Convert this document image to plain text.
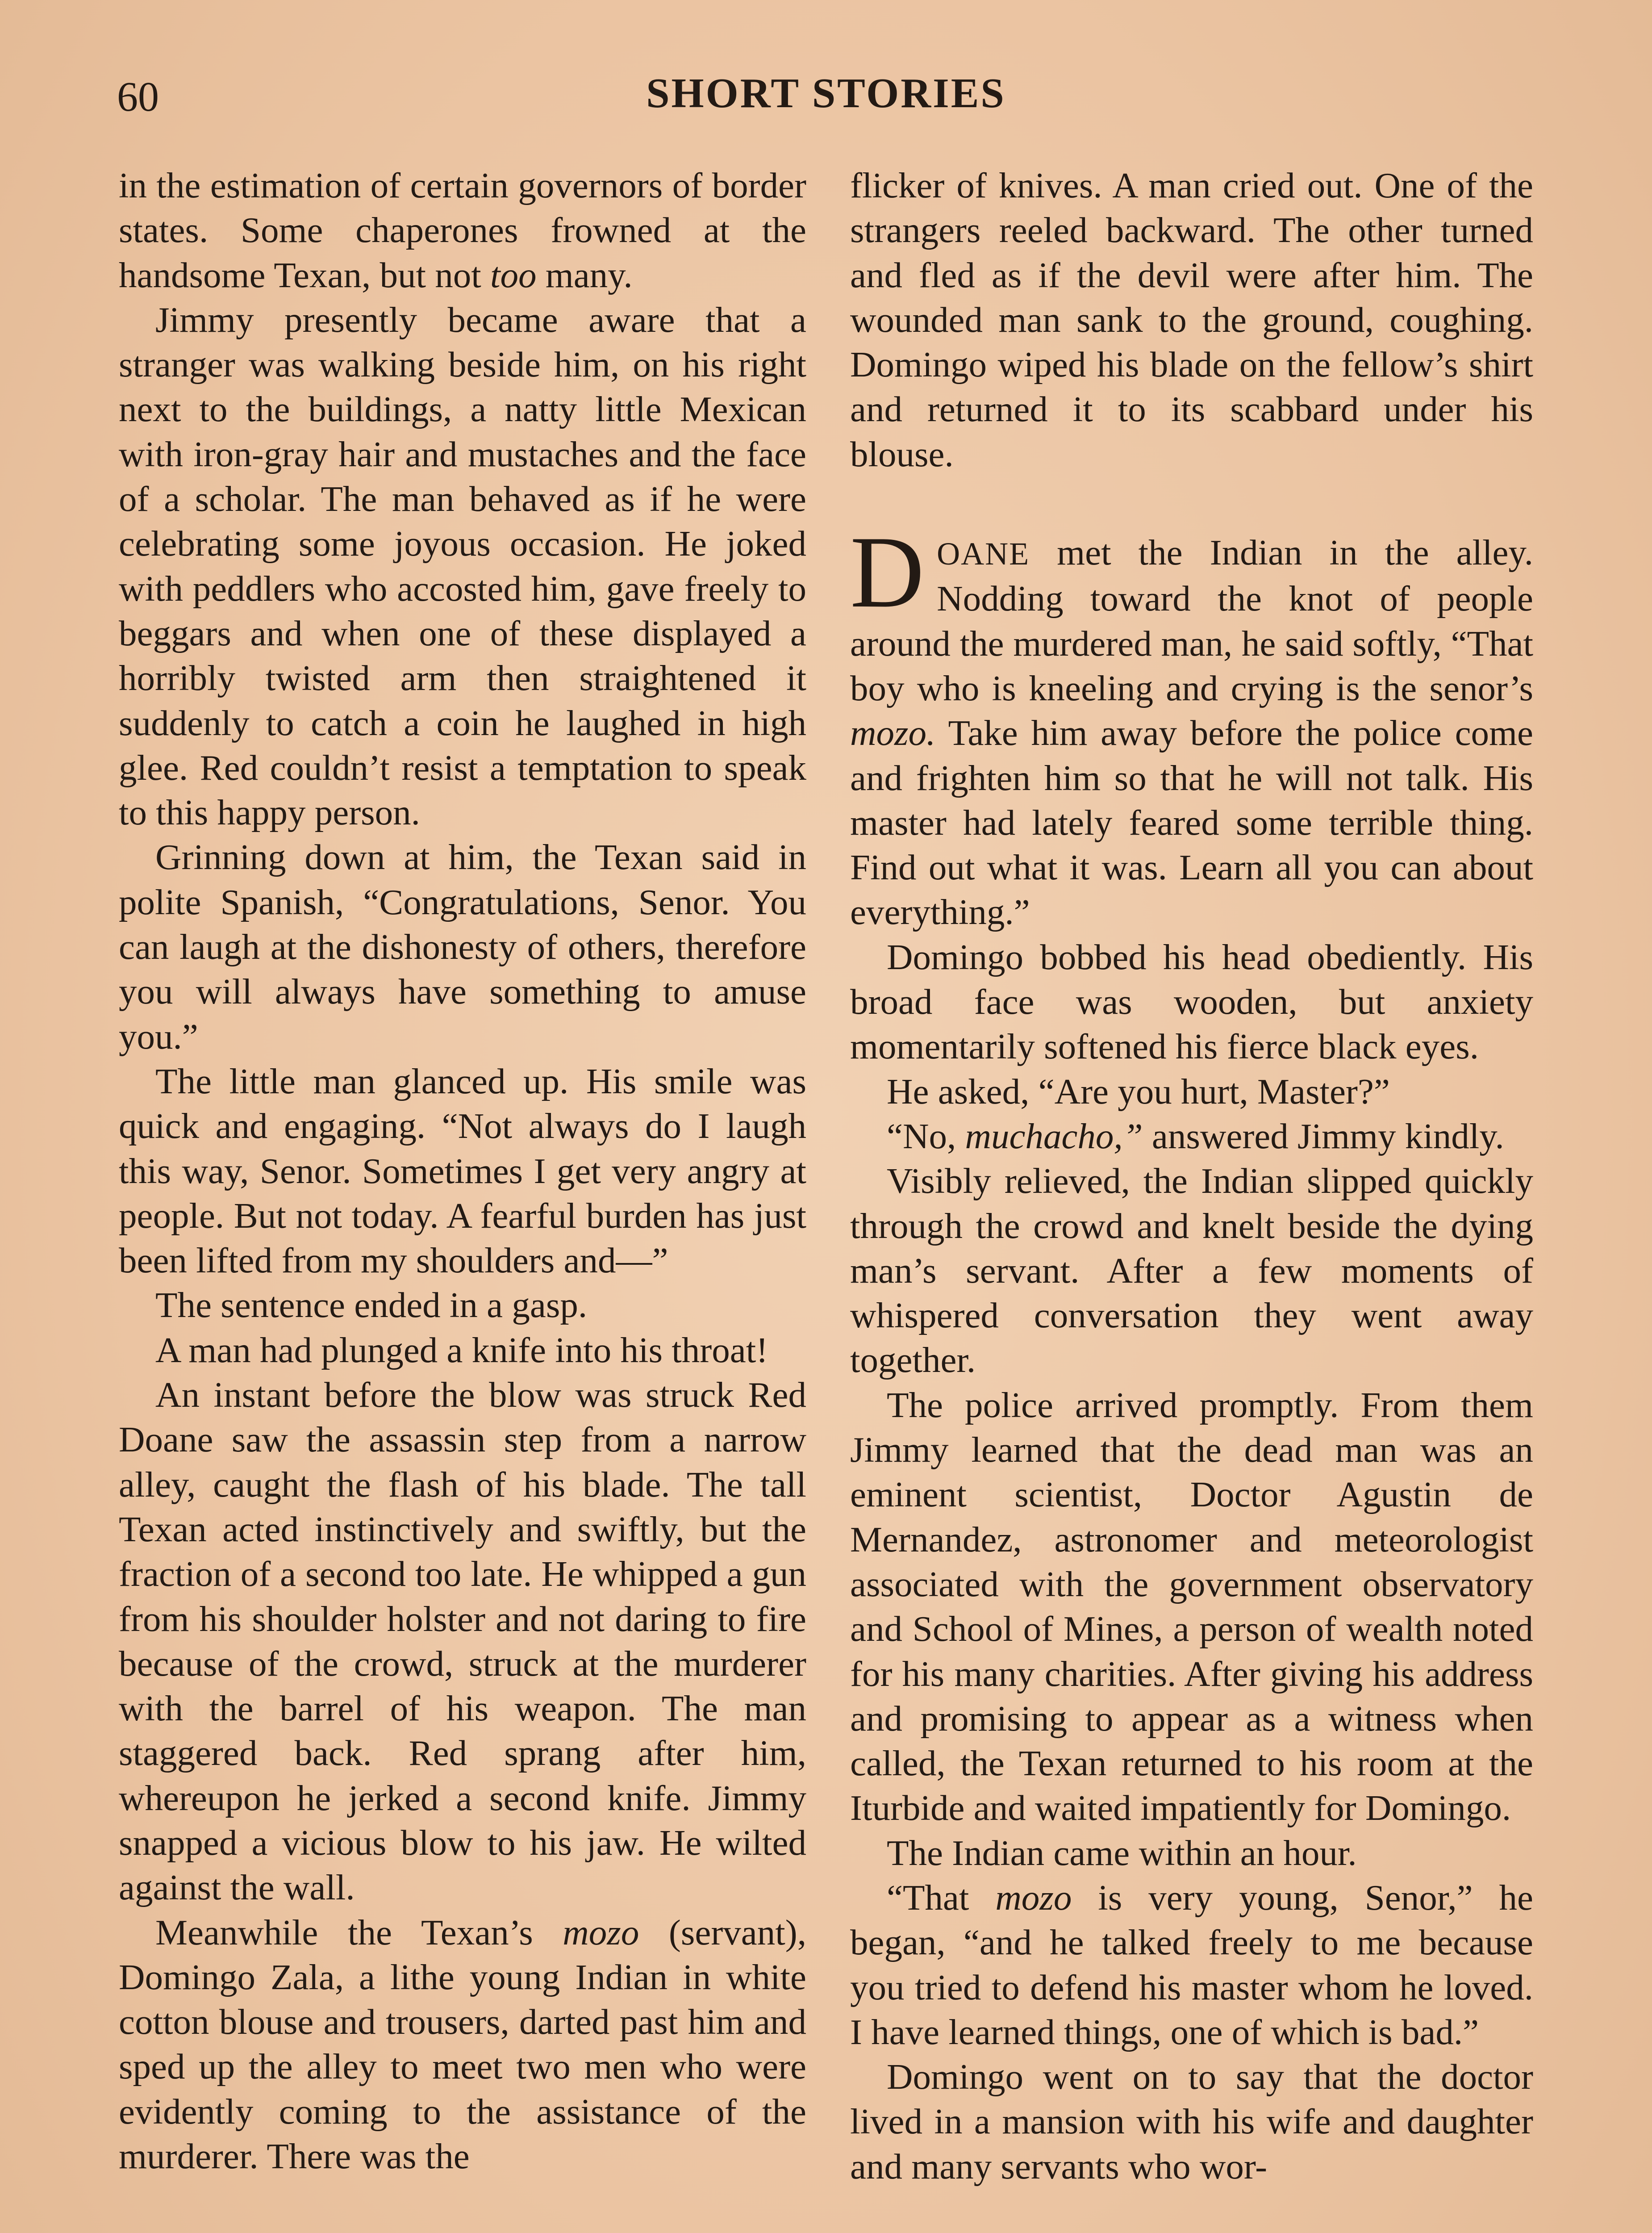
60	SHORT STORIES

in the estimation of certain governors of border states. Some chaperones frowned at the handsome Texan, but not too many.

Jimmy presently became aware that a stranger was walking beside him, on his right next to the buildings, a natty little Mexican with iron-gray hair and mustaches and the face of a scholar. The man behaved as if he were celebrating some joyous occasion. He joked with peddlers who accosted him, gave freely to beggars and when one of these displayed a horribly twisted arm then straightened it suddenly to catch a coin he laughed in high glee. Red couldn’t resist a temptation to speak to this happy person.

Grinning down at him, the Texan said in polite Spanish, “Congratulations, Senor. You can laugh at the dishonesty of others, therefore you will always have something to amuse you.”

The little man glanced up. His smile was quick and engaging. “Not always do I laugh this way, Senor. Sometimes I get very angry at people. But not today. A fearful burden has just been lifted from my shoulders and—”

The sentence ended in a gasp.

A man had plunged a knife into his throat!

An instant before the blow was struck Red Doane saw the assassin step from a narrow alley, caught the flash of his blade. The tall Texan acted instinctively and swiftly, but the fraction of a second too late. He whipped a gun from his shoulder holster and not daring to fire because of the crowd, struck at the murderer with the barrel of his weapon. The man staggered back. Red sprang after him, whereupon he jerked a second knife. Jimmy snapped a vicious blow to his jaw. He wilted against the wall.

Meanwhile the Texan’s mozo (servant), Domingo Zala, a lithe young Indian in white cotton blouse and trousers, darted past him and sped up the alley to meet two men who were evidently coming to the assistance of the murderer. There was the

flicker of knives. A man cried out. One of the strangers reeled backward. The other turned and fled as if the devil were after him. The wounded man sank to the ground, coughing. Domingo wiped his blade on the fellow’s shirt and returned it to its scabbard under his blouse.

DOANE met the Indian in the alley. Nodding toward the knot of people around the murdered man, he said softly, “That boy who is kneeling and crying is the senor’s mozo. Take him away before the police come and frighten him so that he will not talk. His master had lately feared some terrible thing. Find out what it was. Learn all you can about everything.”

Domingo bobbed his head obediently. His broad face was wooden, but anxiety momentarily softened his fierce black eyes.

He asked, “Are you hurt, Master?”

“No, muchacho,” answered Jimmy kindly.

Visibly relieved, the Indian slipped quickly through the crowd and knelt beside the dying man’s servant. After a few moments of whispered conversation they went away together.

The police arrived promptly. From them Jimmy learned that the dead man was an eminent scientist, Doctor Agustin de Mernandez, astronomer and meteorologist associated with the government observatory and School of Mines, a person of wealth noted for his many charities. After giving his address and promising to appear as a witness when called, the Texan returned to his room at the Iturbide and waited impatiently for Domingo.

The Indian came within an hour.

“That mozo is very young, Senor,” he began, “and he talked freely to me because you tried to defend his master whom he loved. I have learned things, one of which is bad.”

Domingo went on to say that the doctor lived in a mansion with his wife and daughter and many servants who wor-
